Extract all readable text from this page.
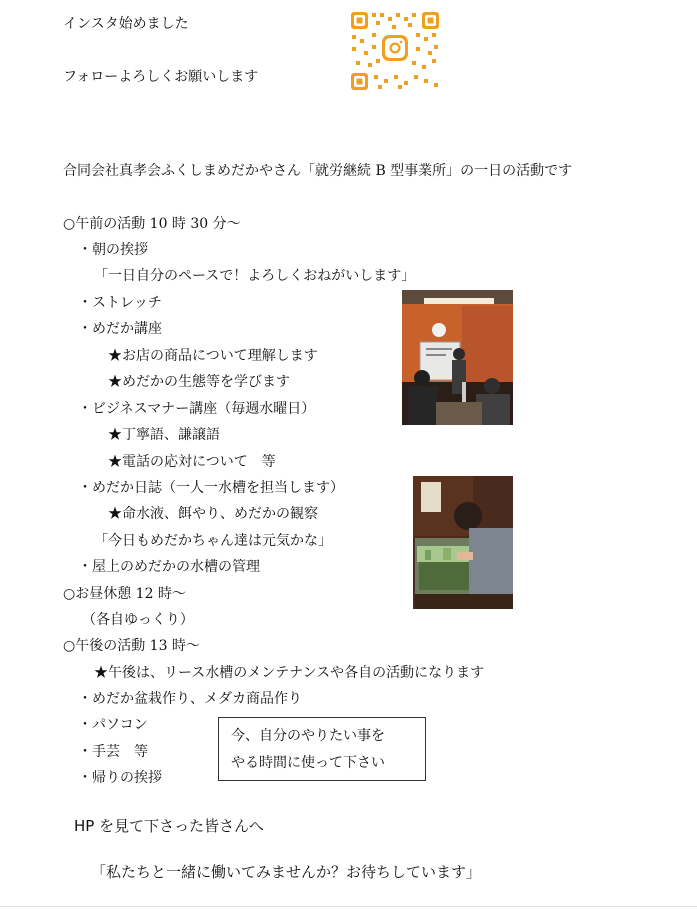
インスタ始めました
フォローよろしくお願いします
合同会社真孝会ふくしまめだかやさん「就労継続 B 型事業所」の一日の活動です
○午前の活動 10 時 30 分〜
・朝の挨拶
「一日自分のペースで！よろしくおねがいします」
・ストレッチ
・めだか講座
★お店の商品について理解します
★めだかの生態等を学びます
・ビジネスマナー講座（毎週水曜日）
★丁寧語、謙譲語
★電話の応対について　等
・めだか日誌（一人一水槽を担当します）
★命水液、餌やり、めだかの観察
「今日もめだかちゃん達は元気かな」
・屋上のめだかの水槽の管理
○お昼休憩 12 時〜
（各自ゆっくり）
○午後の活動 13 時〜
★午後は、リース水槽のメンテナンスや各自の活動になります
・めだか盆栽作り、メダカ商品作り
・パソコン
・手芸　等
・帰りの挨拶
今、自分のやりたい事を
やる時間に使って下さい
HP を見て下さった皆さんへ
「私たちと一緒に働いてみませんか？お待ちしています」
